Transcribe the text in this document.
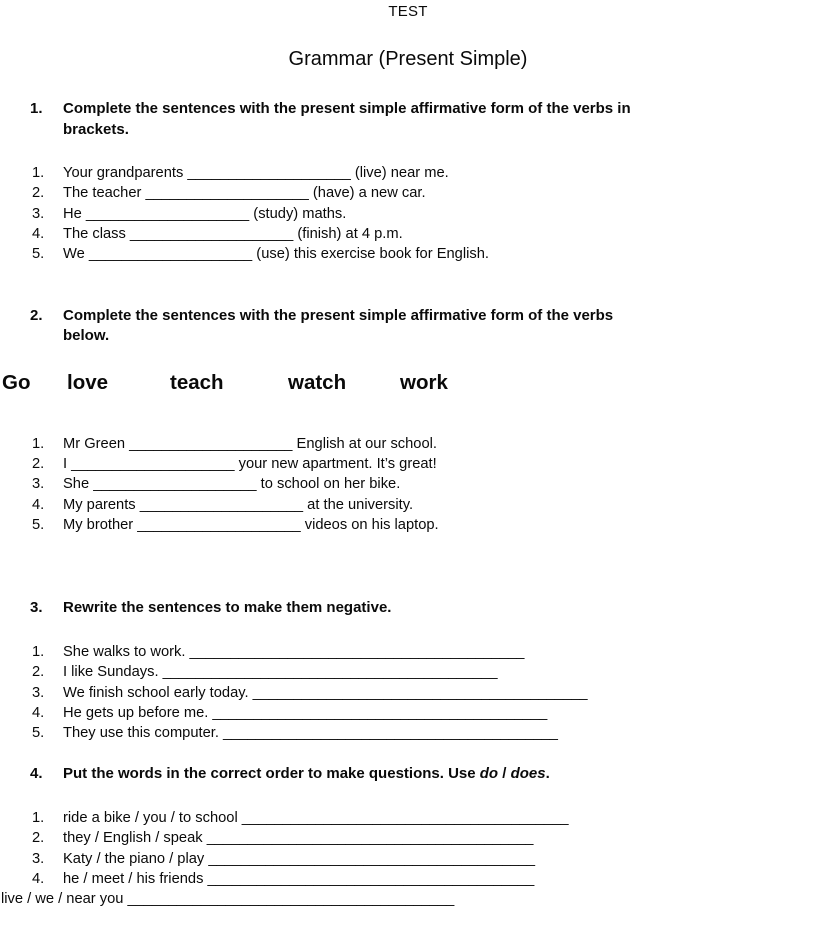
TEST
Grammar (Present Simple)
1. Complete the sentences with the present simple affirmative form of the verbs in
brackets.
1. Your grandparents ____________________ (live) near me.
2. The teacher ____________________ (have) a new car.
3. He ____________________ (study) maths.
4. The class ____________________ (finish) at 4 p.m.
5. We ____________________ (use) this exercise book for English.
2. Complete the sentences with the present simple affirmative form of the verbs
below.
Go love	teach	watch	work
1. Mr Green ____________________ English at our school.
2. I ____________________ your new apartment. It’s great!
3. She ____________________ to school on her bike.
4. My parents ____________________ at the university.
5. My brother ____________________ videos on his laptop.
3. Rewrite the sentences to make them negative.
1. She walks to work. _________________________________________
2. I like Sundays. _________________________________________
3. We finish school early today. _________________________________________
4. He gets up before me. _________________________________________
5. They use this computer. _________________________________________
4. Put the words in the correct order to make questions. Use do / does.
1. ride a bike / you / to school ________________________________________
2. they / English / speak ________________________________________
3. Katy / the piano / play ________________________________________
4. he / meet / his friends ________________________________________
live / we / near you ________________________________________
